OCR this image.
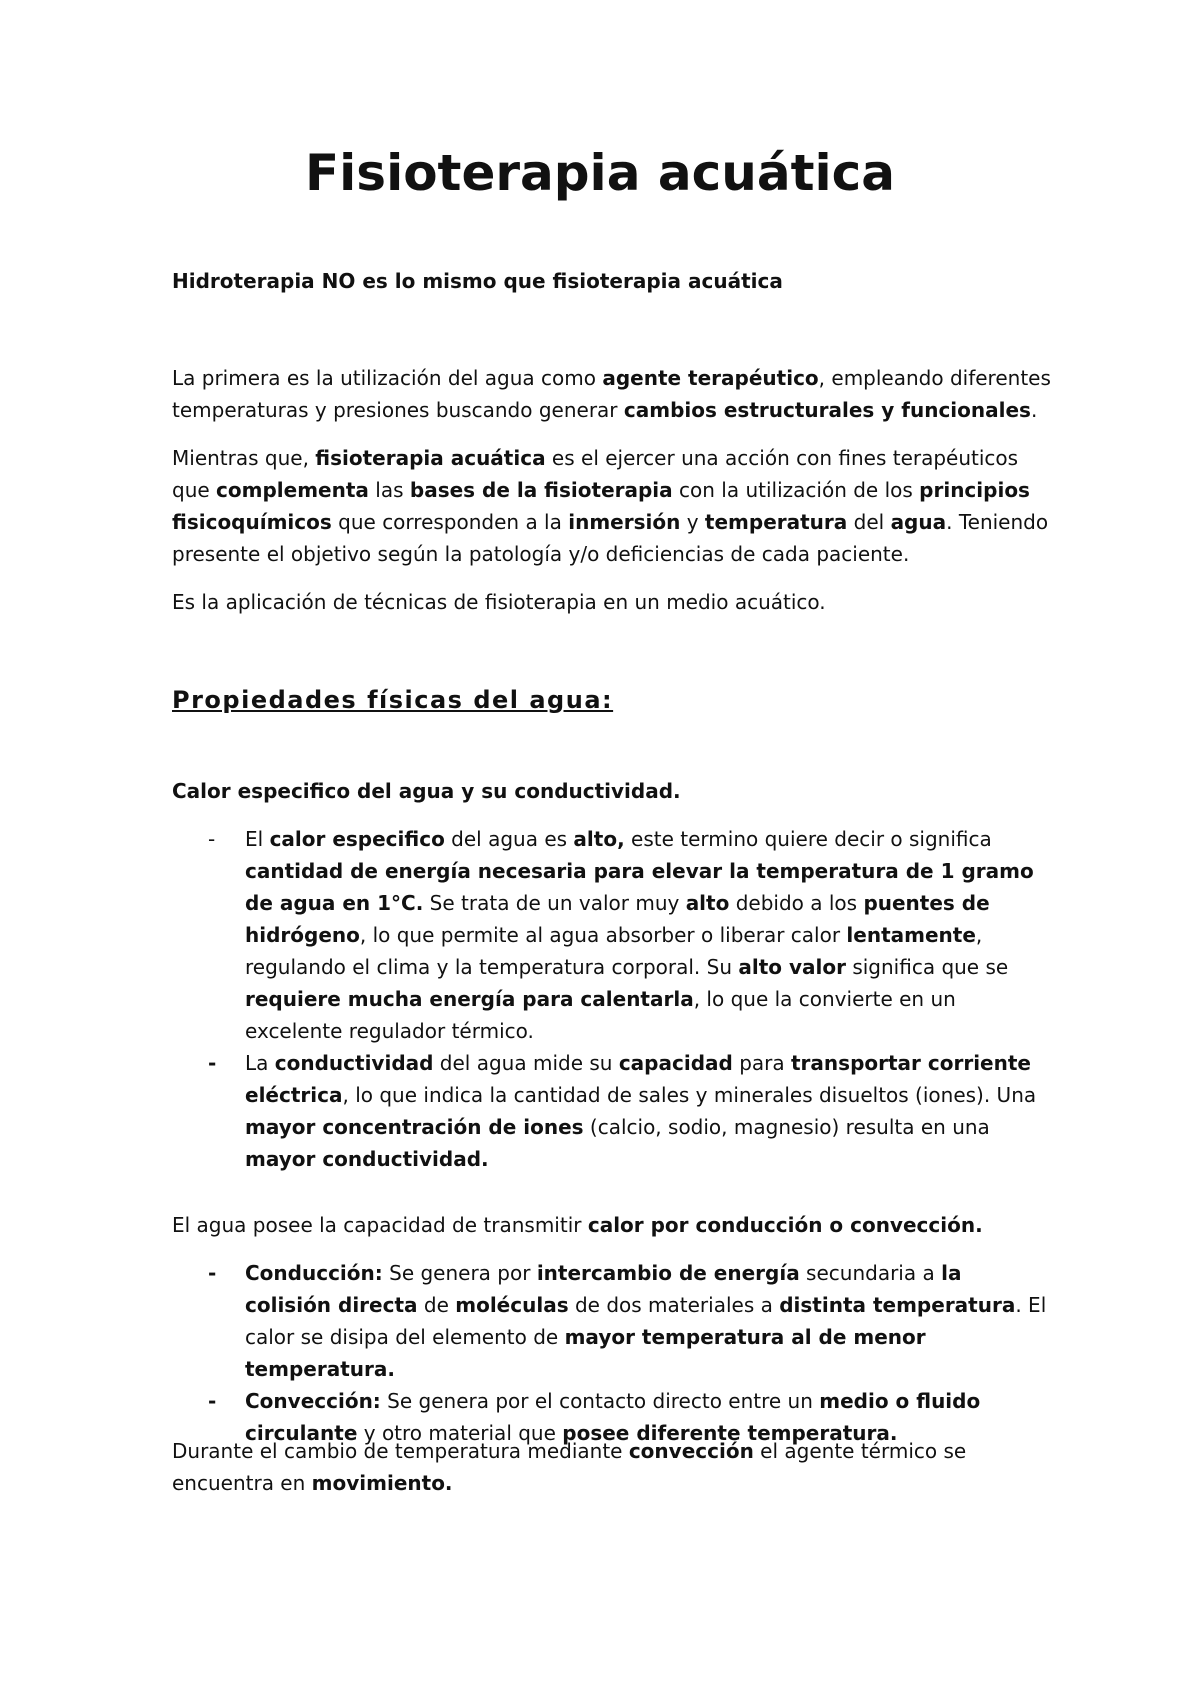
Fisioterapia acuática

Hidroterapia NO es lo mismo que fisioterapia acuática

La primera es la utilización del agua como agente terapéutico, empleando diferentes temperaturas y presiones buscando generar cambios estructurales y funcionales.

Mientras que, fisioterapia acuática es el ejercer una acción con fines terapéuticos que complementa las bases de la fisioterapia con la utilización de los principios fisicoquímicos que corresponden a la inmersión y temperatura del agua. Teniendo presente el objetivo según la patología y/o deficiencias de cada paciente.

Es la aplicación de técnicas de fisioterapia en un medio acuático.

Propiedades físicas del agua:

Calor especifico del agua y su conductividad.

- El calor especifico del agua es alto, este termino quiere decir o significa cantidad de energía necesaria para elevar la temperatura de 1 gramo de agua en 1°C. Se trata de un valor muy alto debido a los puentes de hidrógeno, lo que permite al agua absorber o liberar calor lentamente, regulando el clima y la temperatura corporal. Su alto valor significa que se requiere mucha energía para calentarla, lo que la convierte en un excelente regulador térmico.
- La conductividad del agua mide su capacidad para transportar corriente eléctrica, lo que indica la cantidad de sales y minerales disueltos (iones). Una mayor concentración de iones (calcio, sodio, magnesio) resulta en una mayor conductividad.

El agua posee la capacidad de transmitir calor por conducción o convección.

- Conducción: Se genera por intercambio de energía secundaria a la colisión directa de moléculas de dos materiales a distinta temperatura. El calor se disipa del elemento de mayor temperatura al de menor temperatura.
- Convección: Se genera por el contacto directo entre un medio o fluido circulante y otro material que posee diferente temperatura.

Durante el cambio de temperatura mediante convección el agente térmico se encuentra en movimiento.
